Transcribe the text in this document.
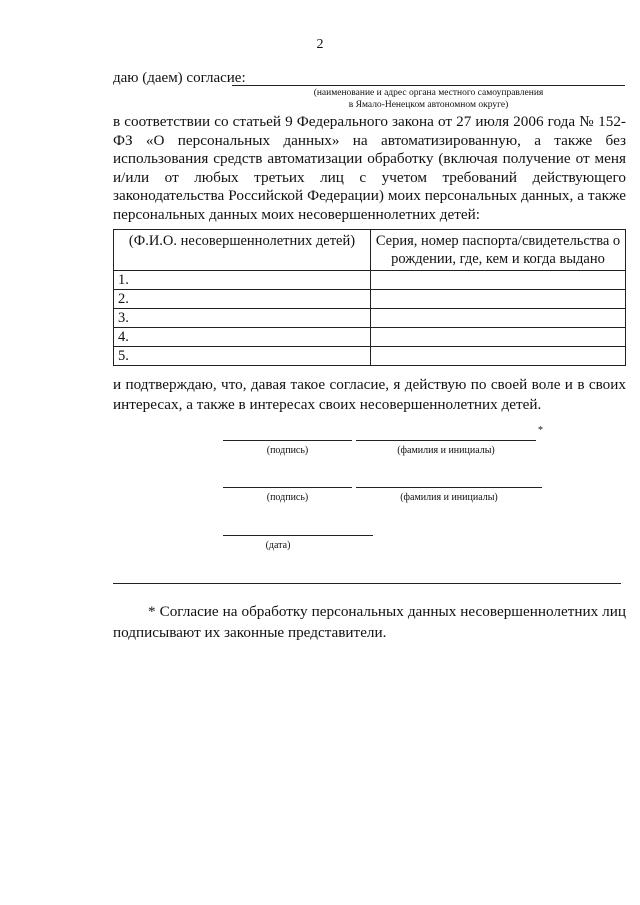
2
даю (даем) согласие:
(наименование и адрес органа местного самоуправления
в Ямало-Ненецком автономном округе)
в соответствии со статьей 9 Федерального закона от 27 июля 2006 года № 152-ФЗ «О персональных данных» на автоматизированную, а также без использования средств автоматизации обработку (включая получение от меня и/или от любых третьих лиц с учетом требований действующего законодательства Российской Федерации) моих персональных данных, а также персональных данных моих несовершеннолетних детей:
(Ф.И.О. несовершеннолетних детей)	Серия, номер паспорта/свидетельства о рождении, где, кем и когда выдано
1.	
2.	
3.	
4.	
5.	
и подтверждаю, что, давая такое согласие, я действую по своей воле и в своих интересах, а также в интересах своих несовершеннолетних детей.
*
(подпись)	(фамилия и инициалы)
(подпись)	(фамилия и инициалы)
(дата)
* Согласие на обработку персональных данных несовершеннолетних лиц подписывают их законные представители.
